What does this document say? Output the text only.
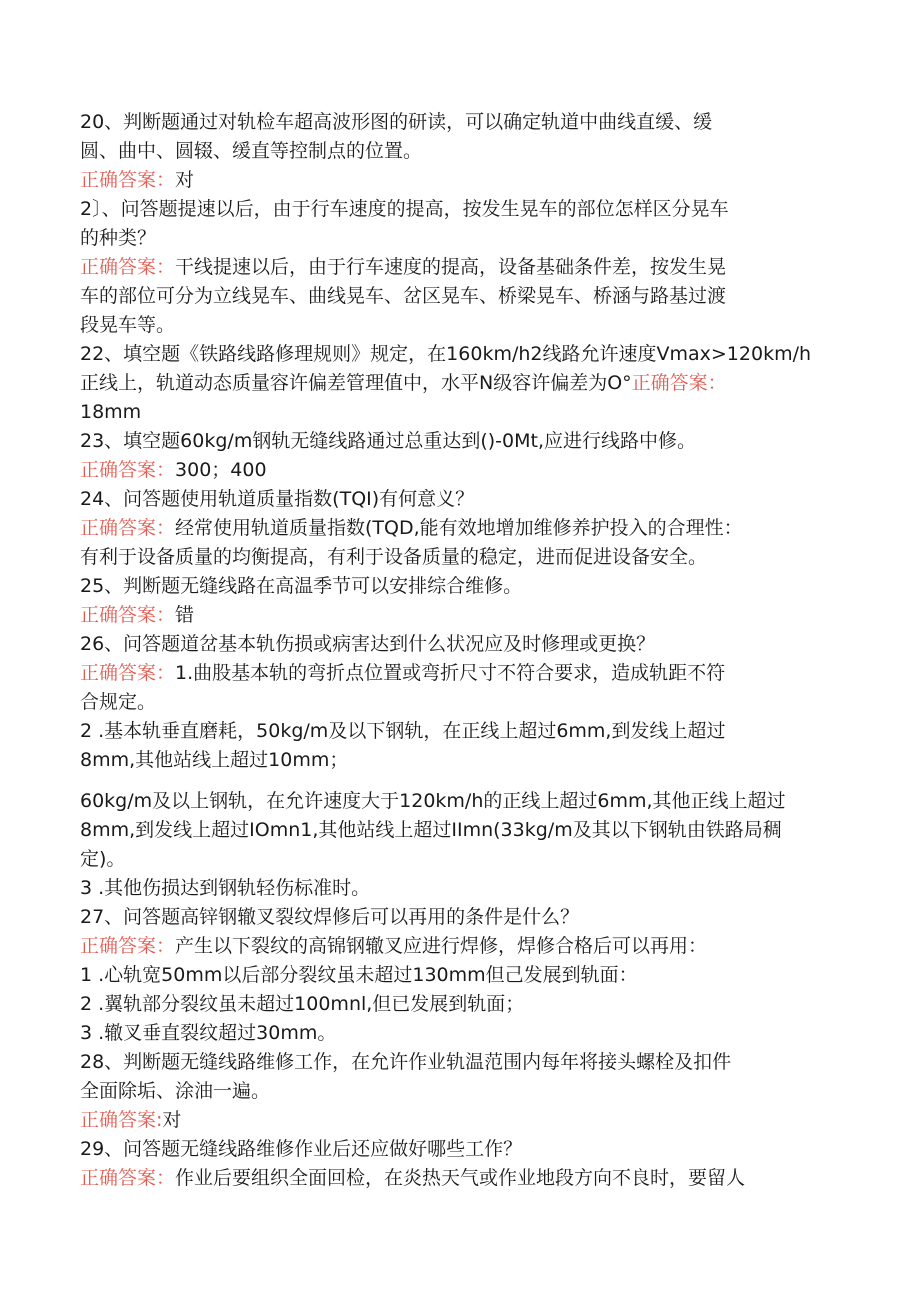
20、判断题通过对轨检车超高波形图的研读，可以确定轨道中曲线直缓、缓
圆、曲中、圆辍、缓直等控制点的位置。
正确答案：对
2〕、问答题提速以后，由于行车速度的提高，按发生晃车的部位怎样区分晃车
的种类？
正确答案：干线提速以后，由于行车速度的提高，设备基础条件差，按发生晃
车的部位可分为立线晃车、曲线晃车、岔区晃车、桥梁晃车、桥涵与路基过渡
段晃车等。
22、填空题《铁路线路修理规则》规定，在160km/h2线路允许速度Vmax>120km/h
正线上，轨道动态质量容许偏差管理值中，水平N级容许偏差为O°正确答案：
18mm
23、填空题60kg/m钢轨无缝线路通过总重达到()-0Mt,应进行线路中修。
正确答案：300；400
24、问答题使用轨道质量指数(TQI)有何意义？
正确答案：经常使用轨道质量指数(TQD,能有效地增加维修养护投入的合理性：
有利于设备质量的均衡提高，有利于设备质量的稳定，进而促进设备安全。
25、判断题无缝线路在高温季节可以安排综合维修。
正确答案：错
26、问答题道岔基本轨伤损或病害达到什么状况应及时修理或更换？
正确答案：1.曲股基本轨的弯折点位置或弯折尺寸不符合要求，造成轨距不符
合规定。
2 .基本轨垂直磨耗，50kg/m及以下钢轨，在正线上超过6mm,到发线上超过
8mm,其他站线上超过10mm；
60kg/m及以上钢轨，在允许速度大于120km/h的正线上超过6mm,其他正线上超过
8mm,到发线上超过IOmn1,其他站线上超过IImn(33kg/m及其以下钢轨由铁路局稠
定)。
3 .其他伤损达到钢轨轻伤标准时。
27、问答题高锌钢辙叉裂纹焊修后可以再用的条件是什么？
正确答案：产生以下裂纹的高锦钢辙叉应进行焊修，焊修合格后可以再用：
1 .心轨宽50mm以后部分裂纹虽未超过130mm但己发展到轨面：
2 .翼轨部分裂纹虽未超过100mnl,但已发展到轨面；
3 .辙叉垂直裂纹超过30mm。
28、判断题无缝线路维修工作，在允许作业轨温范围内每年将接头螺栓及扣件
全面除垢、涂油一遍。
正确答案:对
29、问答题无缝线路维修作业后还应做好哪些工作？
正确答案：作业后要组织全面回检，在炎热天气或作业地段方向不良时，要留人
